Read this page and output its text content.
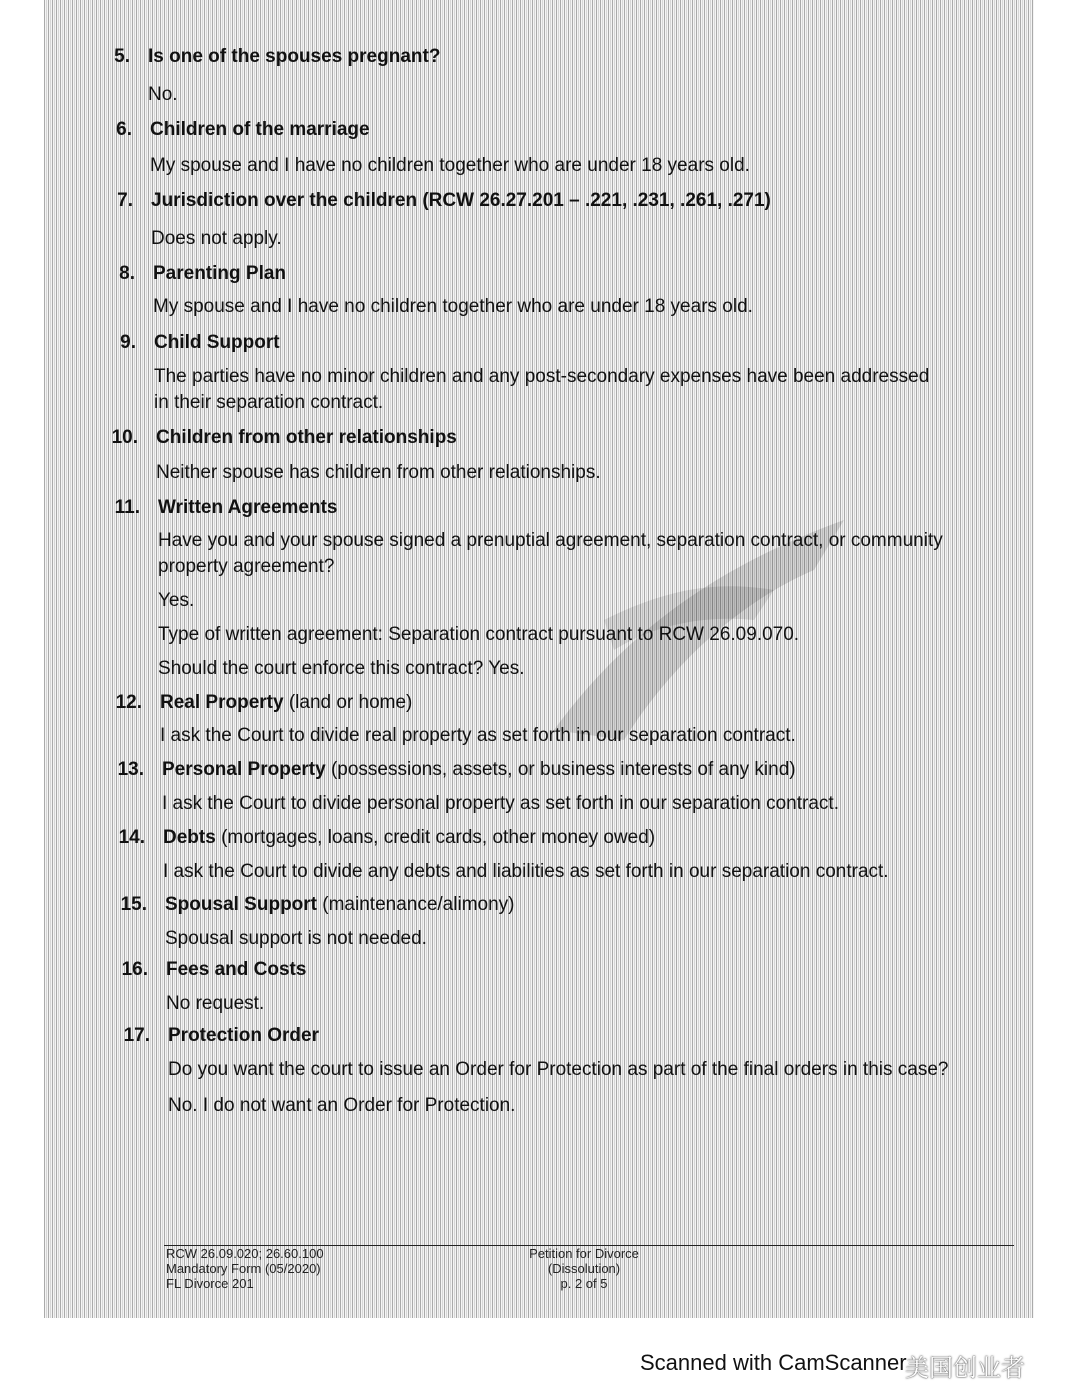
5. Is one of the spouses pregnant?

No.

6. Children of the marriage

My spouse and I have no children together who are under 18 years old.

7. Jurisdiction over the children (RCW 26.27.201 – .221, .231, .261, .271)

Does not apply.

8. Parenting Plan

My spouse and I have no children together who are under 18 years old.

9. Child Support

The parties have no minor children and any post-secondary expenses have been addressed in their separation contract.

10. Children from other relationships

Neither spouse has children from other relationships.

11. Written Agreements

Have you and your spouse signed a prenuptial agreement, separation contract, or community property agreement?

Yes.

Type of written agreement: Separation contract pursuant to RCW 26.09.070.

Should the court enforce this contract? Yes.

12. Real Property (land or home)

I ask the Court to divide real property as set forth in our separation contract.

13. Personal Property (possessions, assets, or business interests of any kind)

I ask the Court to divide personal property as set forth in our separation contract.

14. Debts (mortgages, loans, credit cards, other money owed)

I ask the Court to divide any debts and liabilities as set forth in our separation contract.

15. Spousal Support (maintenance/alimony)

Spousal support is not needed.

16. Fees and Costs

No request.

17. Protection Order

Do you want the court to issue an Order for Protection as part of the final orders in this case?

No. I do not want an Order for Protection.

RCW 26.09.020; 26.60.100
Mandatory Form (05/2020)
FL Divorce 201
Petition for Divorce
(Dissolution)
p. 2 of 5
Scanned with CamScanner
美国创业者
